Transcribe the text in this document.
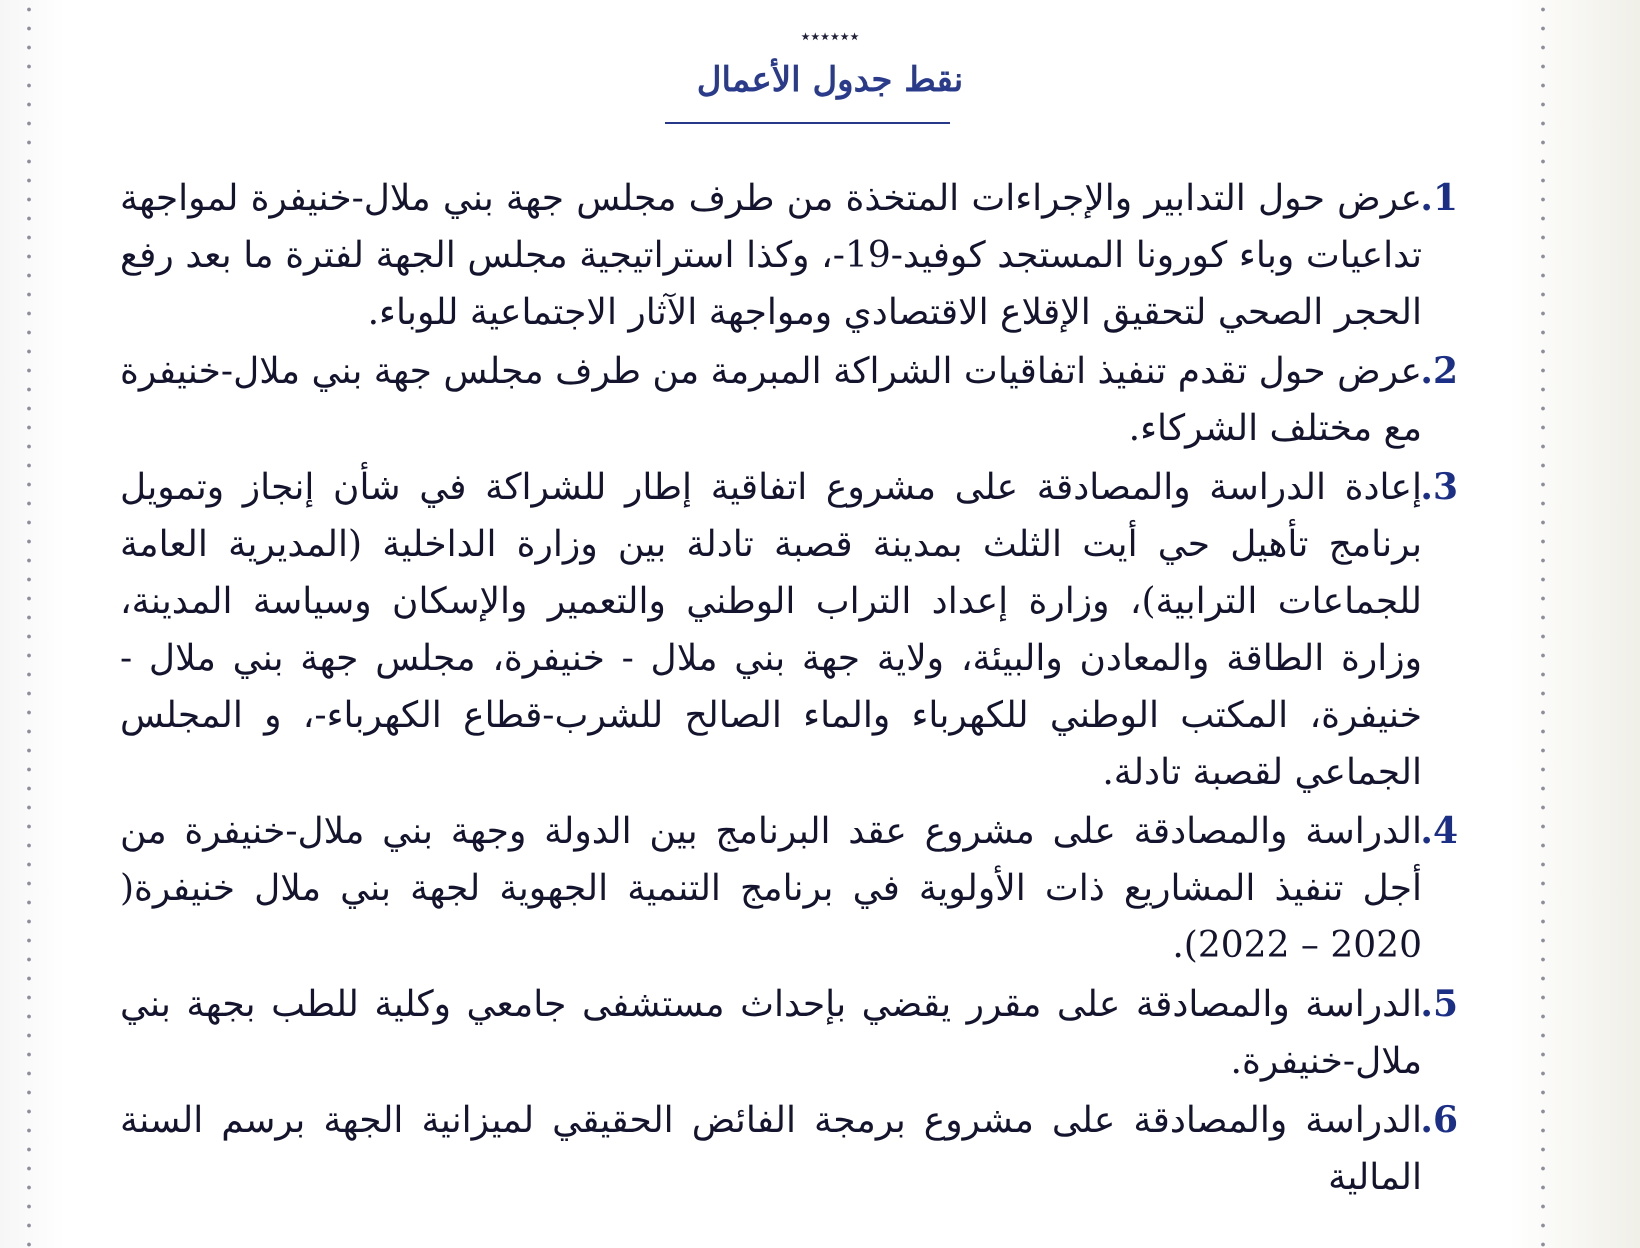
٭٭٭٭٭٭
نقط جدول الأعمال
1.
عرض حول التدابير والإجراءات المتخذة من طرف مجلس جهة بني ملال-خنيفرة لمواجهة تداعيات وباء كورونا المستجد كوفيد-19-، وكذا استراتيجية مجلس الجهة لفترة ما بعد رفع الحجر الصحي لتحقيق الإقلاع الاقتصادي ومواجهة الآثار الاجتماعية للوباء.
2.
عرض حول تقدم تنفيذ اتفاقيات الشراكة المبرمة من طرف مجلس جهة بني ملال-خنيفرة مع مختلف الشركاء.
3.
إعادة الدراسة والمصادقة على مشروع اتفاقية إطار للشراكة في شأن إنجاز وتمويل برنامج تأهيل حي أيت الثلث بمدينة قصبة تادلة بين وزارة الداخلية (المديرية العامة للجماعات الترابية)، وزارة إعداد التراب الوطني والتعمير والإسكان وسياسة المدينة، وزارة الطاقة والمعادن والبيئة، ولاية جهة بني ملال - خنيفرة، مجلس جهة بني ملال - خنيفرة، المكتب الوطني للكهرباء والماء الصالح للشرب-قطاع الكهرباء-، و المجلس الجماعي لقصبة تادلة.
4.
الدراسة والمصادقة على مشروع عقد البرنامج بين الدولة وجهة بني ملال-خنيفرة من أجل تنفيذ المشاريع ذات الأولوية في برنامج التنمية الجهوية لجهة بني ملال خنيفرة( 2020 – 2022).
5.
الدراسة والمصادقة على مقرر يقضي بإحداث مستشفى جامعي وكلية للطب بجهة بني ملال-خنيفرة.
6.
الدراسة والمصادقة على مشروع برمجة الفائض الحقيقي لميزانية الجهة برسم السنة المالية
